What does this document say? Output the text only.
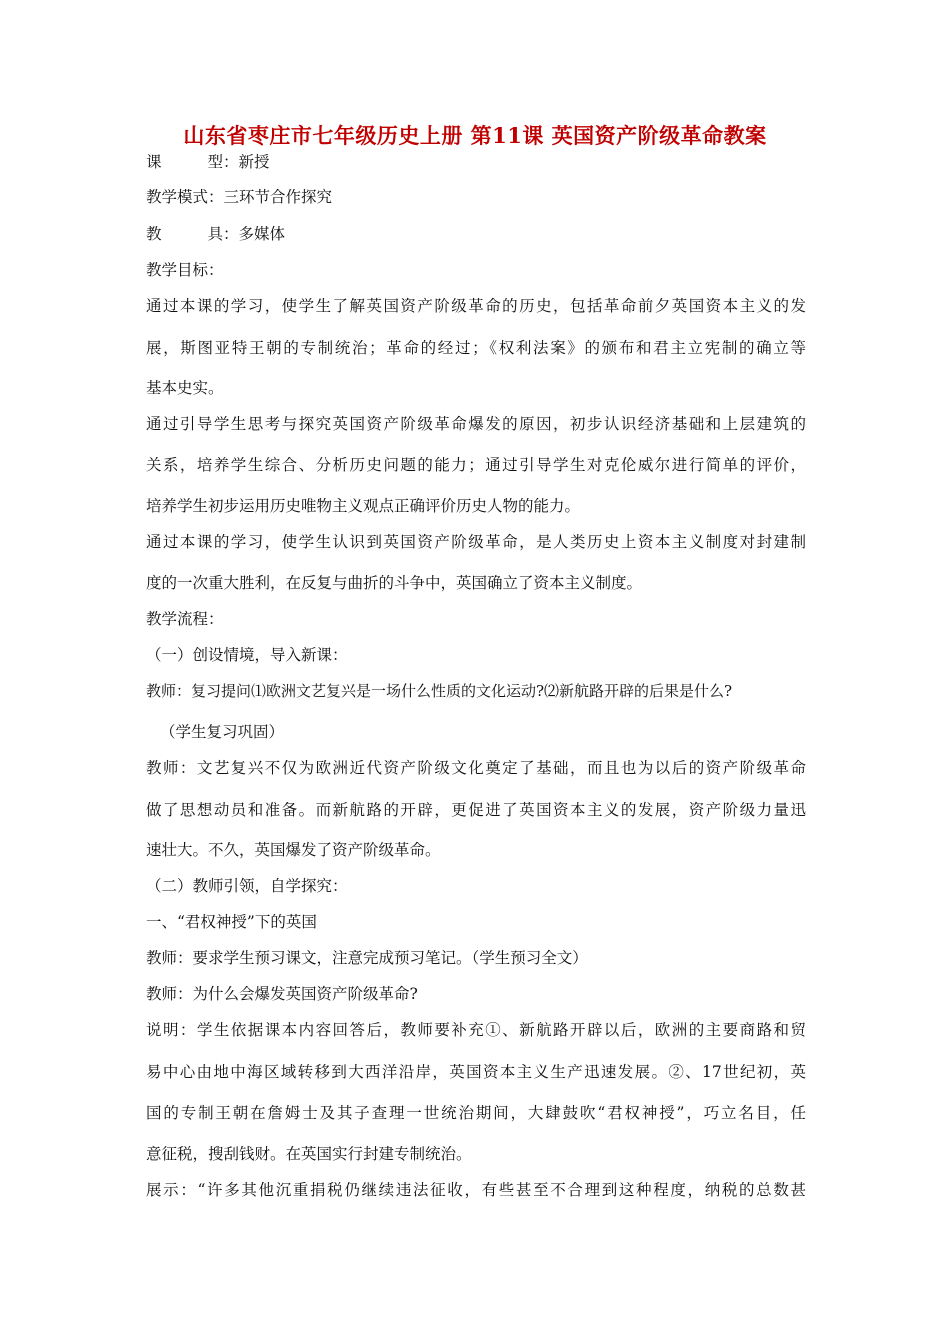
山东省枣庄市七年级历史上册 第11课 英国资产阶级革命教案
课	型：新授
教学模式：三环节合作探究
教	具：多媒体
教学目标：
通过本课的学习，使学生了解英国资产阶级革命的历史，包括革命前夕英国资本主义的发
展，斯图亚特王朝的专制统治；革命的经过；《权利法案》的颁布和君主立宪制的确立等
基本史实。
通过引导学生思考与探究英国资产阶级革命爆发的原因，初步认识经济基础和上层建筑的
关系，培养学生综合、分析历史问题的能力；通过引导学生对克伦威尔进行简单的评价，
培养学生初步运用历史唯物主义观点正确评价历史人物的能力。
通过本课的学习，使学生认识到英国资产阶级革命，是人类历史上资本主义制度对封建制
度的一次重大胜利，在反复与曲折的斗争中，英国确立了资本主义制度。
教学流程：
（一）创设情境，导入新课：
教师：复习提问⑴欧洲文艺复兴是一场什么性质的文化运动?⑵新航路开辟的后果是什么?
（学生复习巩固）
教师：文艺复兴不仅为欧洲近代资产阶级文化奠定了基础，而且也为以后的资产阶级革命
做了思想动员和准备。而新航路的开辟，更促进了英国资本主义的发展，资产阶级力量迅
速壮大。不久，英国爆发了资产阶级革命。
（二）教师引领，自学探究：
一、“君权神授”下的英国
教师：要求学生预习课文，注意完成预习笔记。（学生预习全文）
教师：为什么会爆发英国资产阶级革命?
说明：学生依据课本内容回答后，教师要补充①、新航路开辟以后，欧洲的主要商路和贸
易中心由地中海区域转移到大西洋沿岸，英国资本主义生产迅速发展。②、17世纪初，英
国的专制王朝在詹姆士及其子查理一世统治期间，大肆鼓吹“君权神授”，巧立名目，任
意征税，搜刮钱财。在英国实行封建专制统治。
展示：“许多其他沉重捐税仍继续违法征收，有些甚至不合理到这种程度，纳税的总数甚
